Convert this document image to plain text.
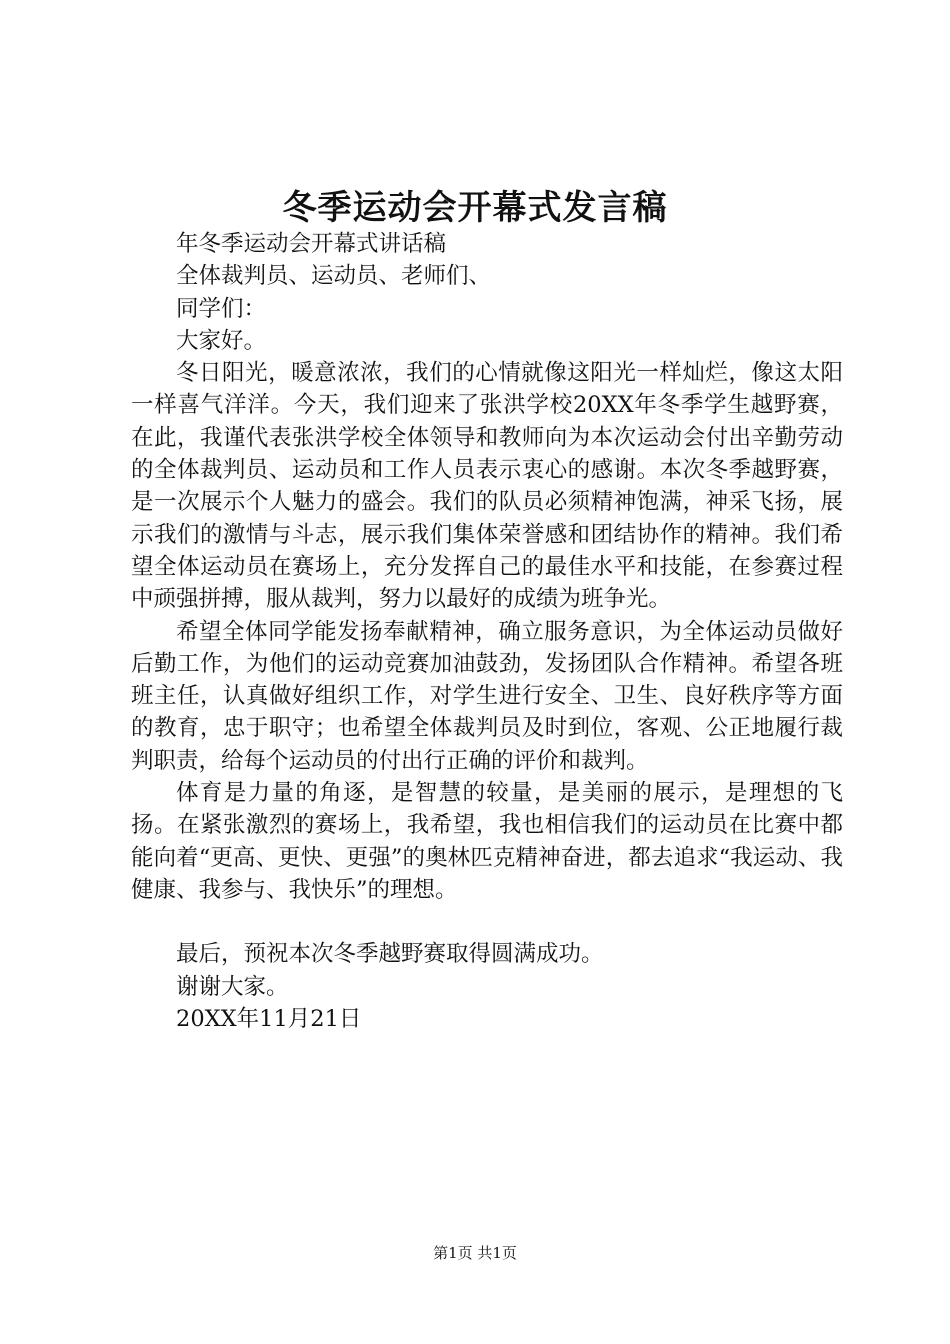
冬季运动会开幕式发言稿

年冬季运动会开幕式讲话稿

全体裁判员、运动员、老师们、

同学们：

大家好。

冬日阳光，暖意浓浓，我们的心情就像这阳光一样灿烂，像这太阳一样喜气洋洋。今天，我们迎来了张洪学校20XX年冬季学生越野赛，在此，我谨代表张洪学校全体领导和教师向为本次运动会付出辛勤劳动的全体裁判员、运动员和工作人员表示衷心的感谢。本次冬季越野赛，是一次展示个人魅力的盛会。我们的队员必须精神饱满，神采飞扬，展示我们的激情与斗志，展示我们集体荣誉感和团结协作的精神。我们希望全体运动员在赛场上，充分发挥自己的最佳水平和技能，在参赛过程中顽强拼搏，服从裁判，努力以最好的成绩为班争光。

希望全体同学能发扬奉献精神，确立服务意识，为全体运动员做好后勤工作，为他们的运动竞赛加油鼓劲，发扬团队合作精神。希望各班班主任，认真做好组织工作，对学生进行安全、卫生、良好秩序等方面的教育，忠于职守；也希望全体裁判员及时到位，客观、公正地履行裁判职责，给每个运动员的付出行正确的评价和裁判。

体育是力量的角逐，是智慧的较量，是美丽的展示，是理想的飞扬。在紧张激烈的赛场上，我希望，我也相信我们的运动员在比赛中都能向着“更高、更快、更强”的奥林匹克精神奋进，都去追求“我运动、我健康、我参与、我快乐”的理想。

最后，预祝本次冬季越野赛取得圆满成功。

谢谢大家。

20XX年11月21日

第1页 共1页
